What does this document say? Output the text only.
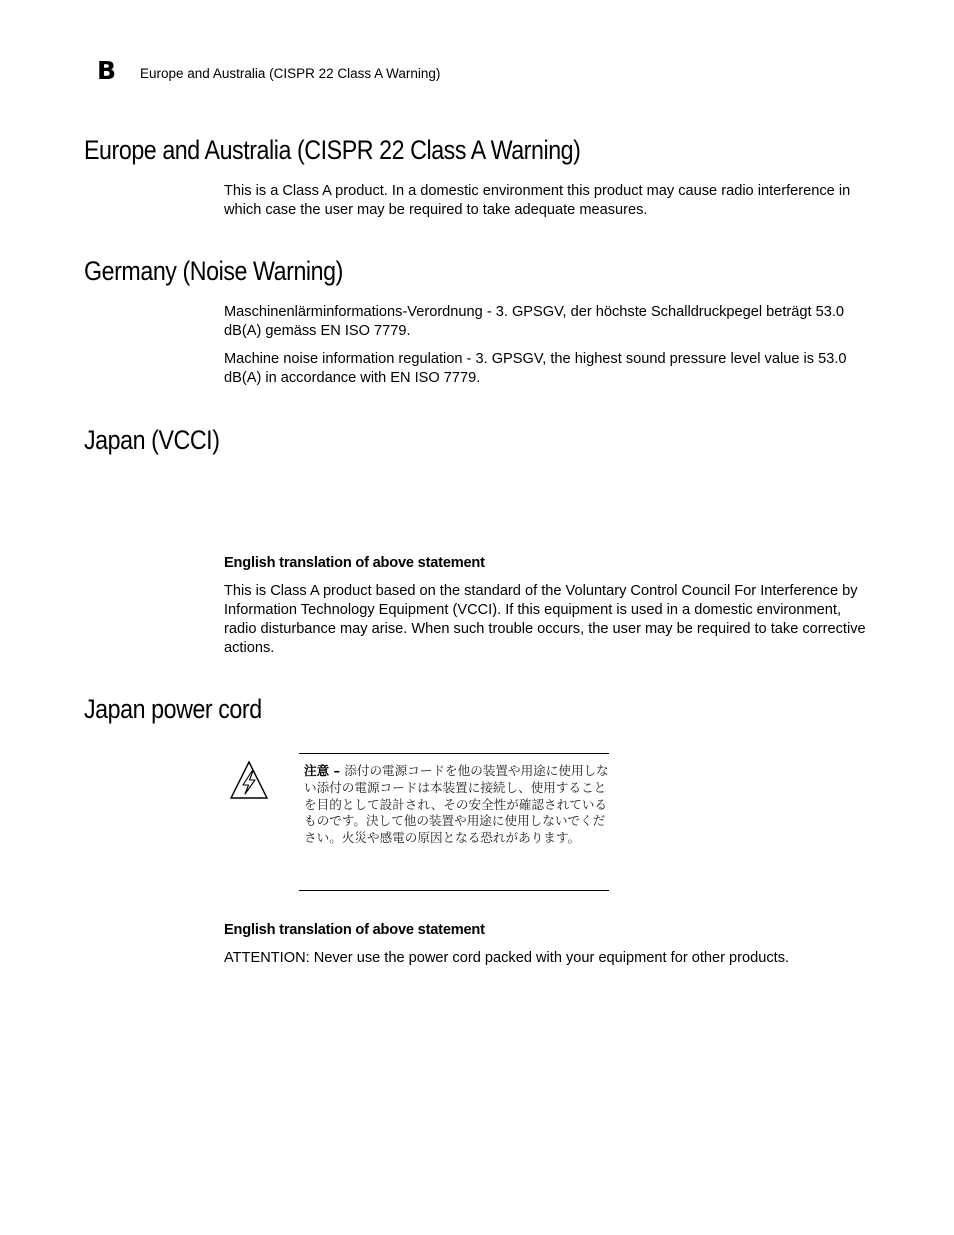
B Europe and Australia (CISPR 22 Class A Warning)
Europe and Australia (CISPR 22 Class A Warning)

This is a Class A product. In a domestic environment this product may cause radio interference in which case the user may be required to take adequate measures.

Germany (Noise Warning)

Maschinenlärminformations-Verordnung - 3. GPSGV, der höchste Schalldruckpegel beträgt 53.0 dB(A) gemäss EN ISO 7779.

Machine noise information regulation - 3. GPSGV, the highest sound pressure level value is 53.0 dB(A) in accordance with EN ISO 7779.

Japan (VCCI)

English translation of above statement

This is Class A product based on the standard of the Voluntary Control Council For Interference by Information Technology Equipment (VCCI). If this equipment is used in a domestic environment, radio disturbance may arise. When such trouble occurs, the user may be required to take corrective actions.

Japan power cord
注意 – 添付の電源コードを他の装置や用途に使用しない添付の電源コードは本装置に接続し、使用することを目的として設計され、その安全性が確認されているものです。決して他の装置や用途に使用しないでください。火災や感電の原因となる恐れがあります。

English translation of above statement

ATTENTION: Never use the power cord packed with your equipment for other products.
